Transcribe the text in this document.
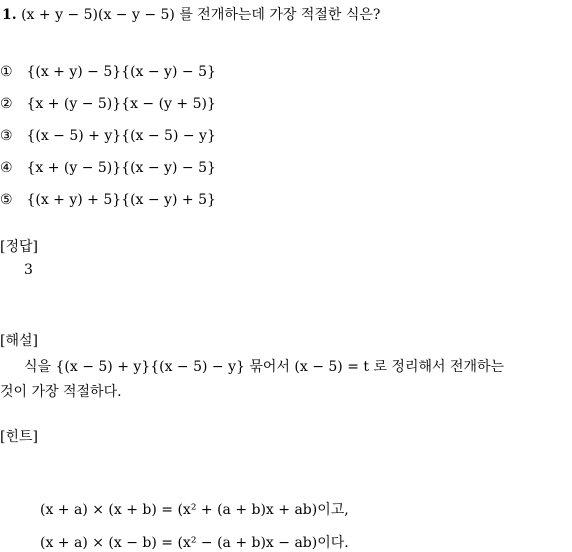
1. (x + y − 5)(x − y − 5) 를 전개하는데 가장 적절한 식은?
① {(x + y) − 5}{(x − y) − 5}
② {x + (y − 5)}{x − (y + 5)}
③ {(x − 5) + y}{(x − 5) − y}
④ {x + (y − 5)}{(x − y) − 5}
⑤ {(x + y) + 5}{(x − y) + 5}
[정답]
3
[해설]
식을 {(x − 5) + y}{(x − 5) − y} 묶어서 (x − 5) = t 로 정리해서 전개하는
것이 가장 적절하다.
[힌트]
(x + a) × (x + b) = (x² + (a + b)x + ab)이고,
(x + a) × (x − b) = (x² − (a + b)x − ab)이다.
